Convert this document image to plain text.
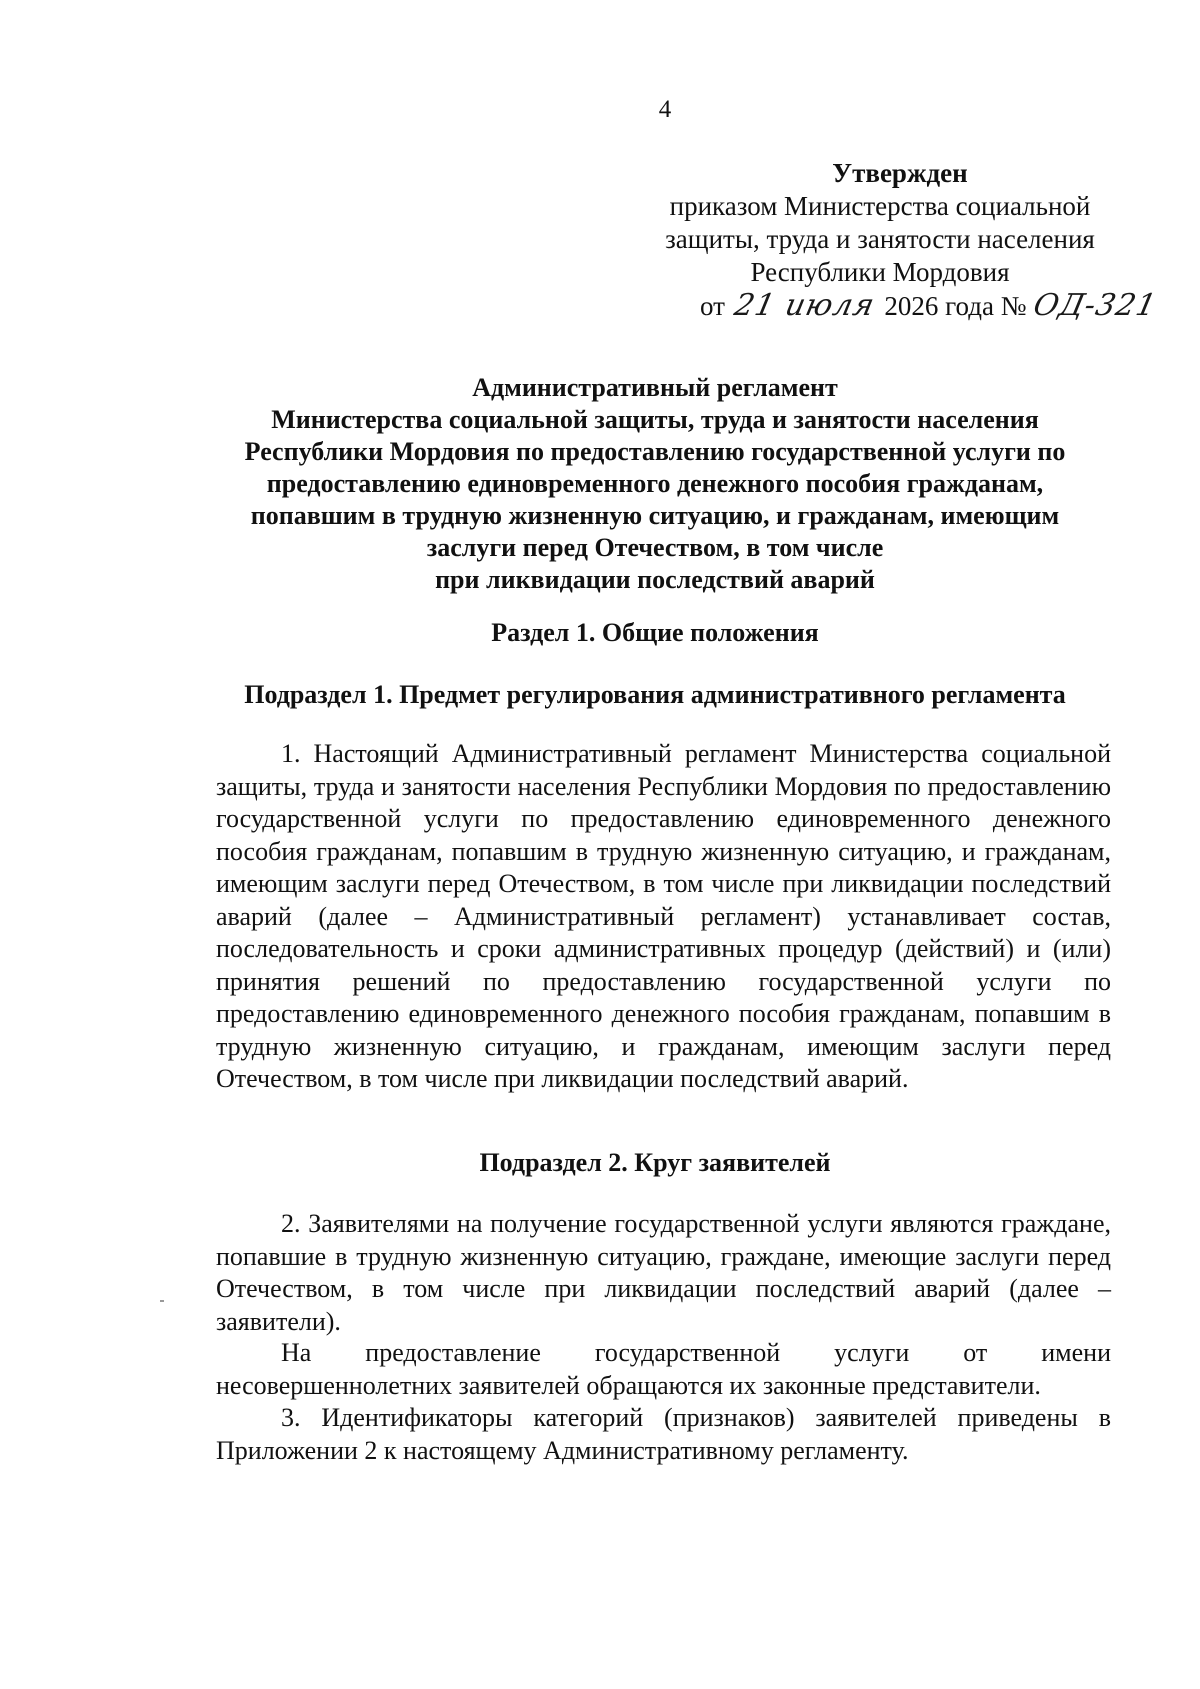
4
Утвержден
приказом Министерства социальной
защиты, труда и занятости населения
Республики Мордовия
от 21 июля 2026 года № ОД-321
Административный регламент
Министерства социальной защиты, труда и занятости населения
Республики Мордовия по предоставлению государственной услуги по
предоставлению единовременного денежного пособия гражданам,
попавшим в трудную жизненную ситуацию, и гражданам, имеющим
заслуги перед Отечеством, в том числе
при ликвидации последствий аварий
Раздел 1. Общие положения
Подраздел 1. Предмет регулирования административного регламента
1. Настоящий Административный регламент Министерства социальной защиты, труда и занятости населения Республики Мордовия по предоставлению государственной услуги по предоставлению единовременного денежного пособия гражданам, попавшим в трудную жизненную ситуацию, и гражданам, имеющим заслуги перед Отечеством, в том числе при ликвидации последствий аварий (далее – Административный регламент) устанавливает состав, последовательность и сроки административных процедур (действий) и (или) принятия решений по предоставлению государственной услуги по предоставлению единовременного денежного пособия гражданам, попавшим в трудную жизненную ситуацию, и гражданам, имеющим заслуги перед Отечеством, в том числе при ликвидации последствий аварий.
Подраздел 2. Круг заявителей
2. Заявителями на получение государственной услуги являются граждане, попавшие в трудную жизненную ситуацию, граждане, имеющие заслуги перед Отечеством, в том числе при ликвидации последствий аварий (далее – заявители).
На предоставление государственной услуги от имени несовершеннолетних заявителей обращаются их законные представители.
3. Идентификаторы категорий (признаков) заявителей приведены в Приложении 2 к настоящему Административному регламенту.
